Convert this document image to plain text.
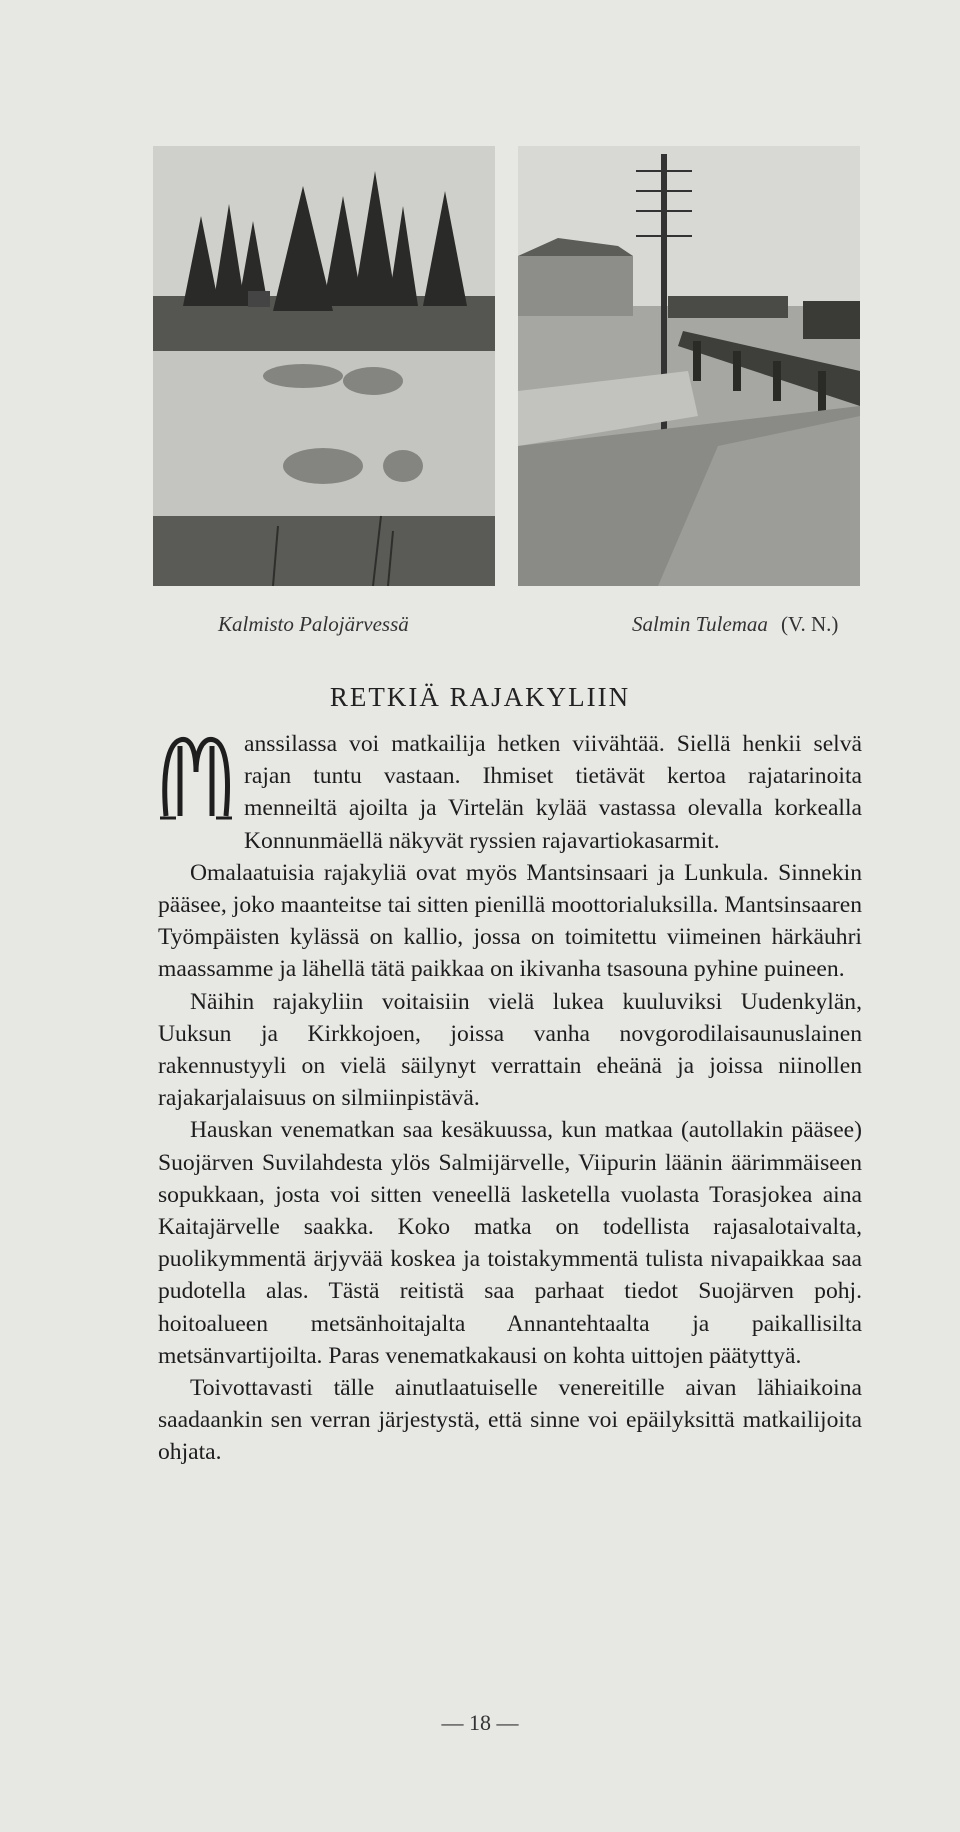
Kalmisto Palojärvessä	Salmin Tulemaa (V. N.)
RETKIÄ RAJAKYLIIN

anssilassa voi matkailija hetken viivähtää. Siellä henkii selvä rajan tuntu vastaan. Ihmiset tietävät kertoa rajatarinoita menneiltä ajoilta ja Virtelän kylää vastassa olevalla korkealla Konnunmäellä näkyvät ryssien rajavartiokasarmit.

Omalaatuisia rajakyliä ovat myös Mantsinsaari ja Lunkula. Sinnekin pääsee, joko maanteitse tai sitten pienillä moottorialuksilla. Mantsinsaaren Työmpäisten kylässä on kallio, jossa on toimitettu viimeinen härkäuhri maassamme ja lähellä tätä paikkaa on ikivanha tsasouna pyhine puineen.

Näihin rajakyliin voitaisiin vielä lukea kuuluviksi Uudenkylän, Uuksun ja Kirkkojoen, joissa vanha novgorodilaisaunuslainen rakennustyyli on vielä säilynyt verrattain eheänä ja joissa niinollen rajakarjalaisuus on silmiinpistävä.

Hauskan venematkan saa kesäkuussa, kun matkaa (autollakin pääsee) Suojärven Suvilahdesta ylös Salmijärvelle, Viipurin läänin äärimmäiseen sopukkaan, josta voi sitten veneellä lasketella vuolasta Torasjokea aina Kaitajärvelle saakka. Koko matka on todellista rajasalotaivalta, puolikymmentä ärjyvää koskea ja toistakymmentä tulista nivapaikkaa saa pudotella alas. Tästä reitistä saa parhaat tiedot Suojärven pohj. hoitoalueen metsänhoitajalta Annantehtaalta ja paikallisilta metsänvartijoilta. Paras venematkakausi on kohta uittojen päätyttyä.

Toivottavasti tälle ainutlaatuiselle venereitille aivan lähiaikoina saadaankin sen verran järjestystä, että sinne voi epäilyksittä matkailijoita ohjata.

— 18 —
